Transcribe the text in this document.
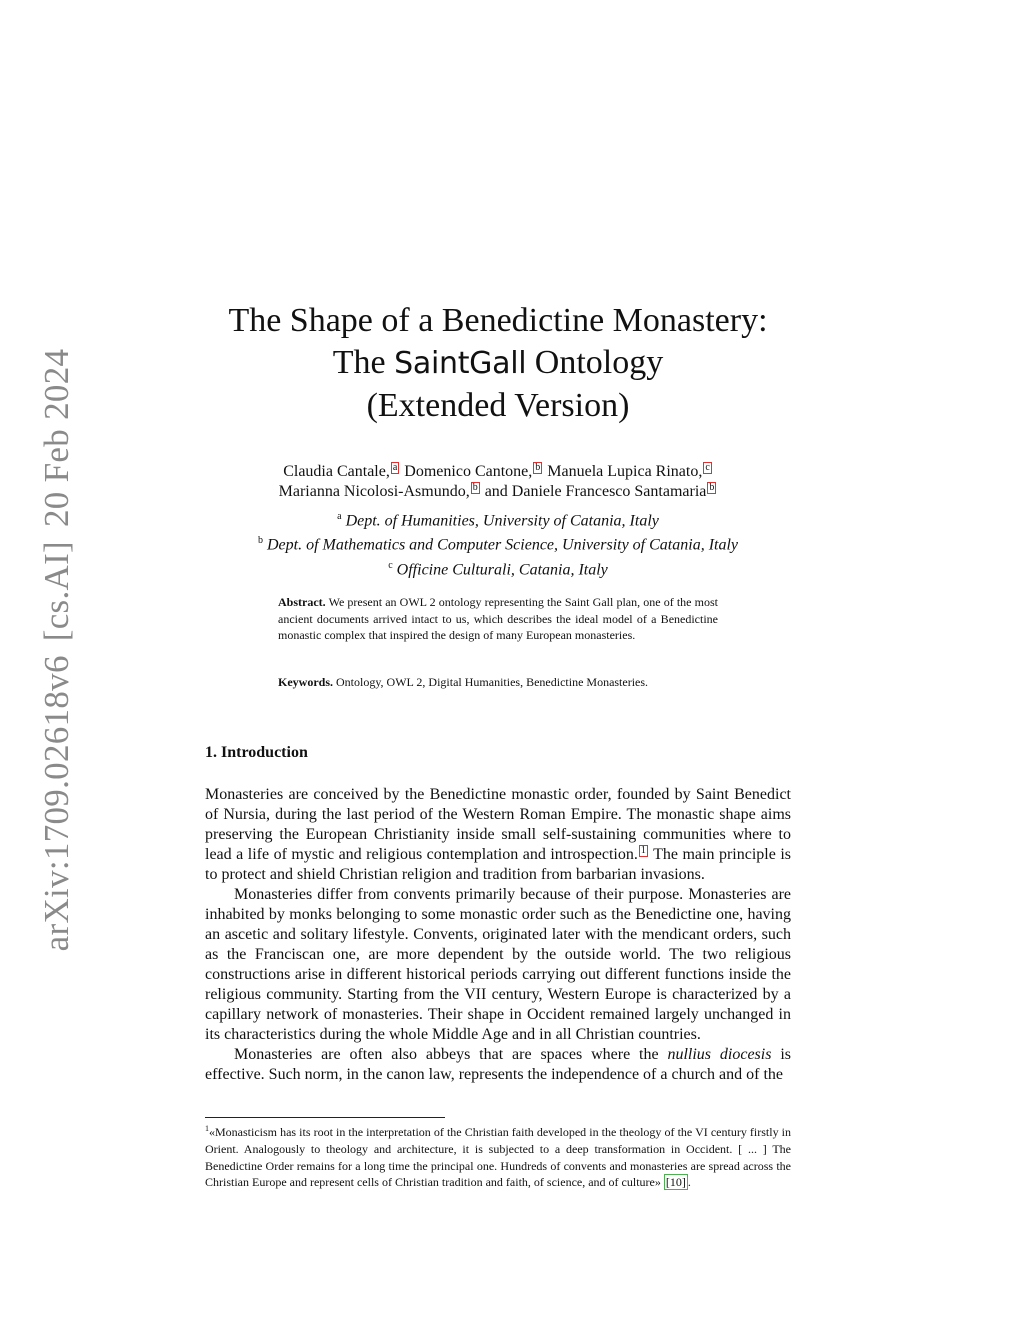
arXiv:1709.02618v6[cs.AI]20 Feb 2024
The Shape of a Benedictine Monastery:
The SaintGall Ontology
(Extended Version)
Claudia Cantale, a Domenico Cantone, b Manuela Lupica Rinato, c
Marianna Nicolosi-Asmundo, b and Daniele Francesco Santamaria b
$^a$ Dept. of Humanities, University of Catania, Italy
$^b$ Dept. of Mathematics and Computer Science, University of Catania, Italy
$^c$ Officine Culturali, Catania, Italy
Abstract. We present an OWL 2 ontology representing the Saint Gall plan, one of the most ancient documents arrived intact to us, which describes the ideal model of a Benedictine monastic complex that inspired the design of many European monasteries.
Keywords. Ontology, OWL 2, Digital Humanities, Benedictine Monasteries.
1. Introduction

Monasteries are conceived by the Benedictine monastic order, founded by Saint Benedict of Nursia, during the last period of the Western Roman Empire. The monastic shape aims preserving the European Christianity inside small self-sustaining communities where to lead a life of mystic and religious contemplation and introspection. 1 The main principle is to protect and shield Christian religion and tradition from barbarian invasions.

Monasteries differ from convents primarily because of their purpose. Monasteries are inhabited by monks belonging to some monastic order such as the Benedictine one, having an ascetic and solitary lifestyle. Convents, originated later with the mendicant orders, such as the Franciscan one, are more dependent by the outside world. The two religious constructions arise in different historical periods carrying out different functions inside the religious community. Starting from the VII century, Western Europe is characterized by a capillary network of monasteries. Their shape in Occident remained largely unchanged in its characteristics during the whole Middle Age and in all Christian countries.

Monasteries are often also abbeys that are spaces where the nullius diocesis is effective. Such norm, in the canon law, represents the independence of a church and of the

$^1$«Monasticism has its root in the interpretation of the Christian faith developed in the theology of the VI century firstly in Orient. Analogously to theology and architecture, it is subjected to a deep transformation in Occident. [ ... ] The Benedictine Order remains for a long time the principal one. Hundreds of convents and monasteries are spread across the Christian Europe and represent cells of Christian tradition and faith, of science, and of culture» [10] .
